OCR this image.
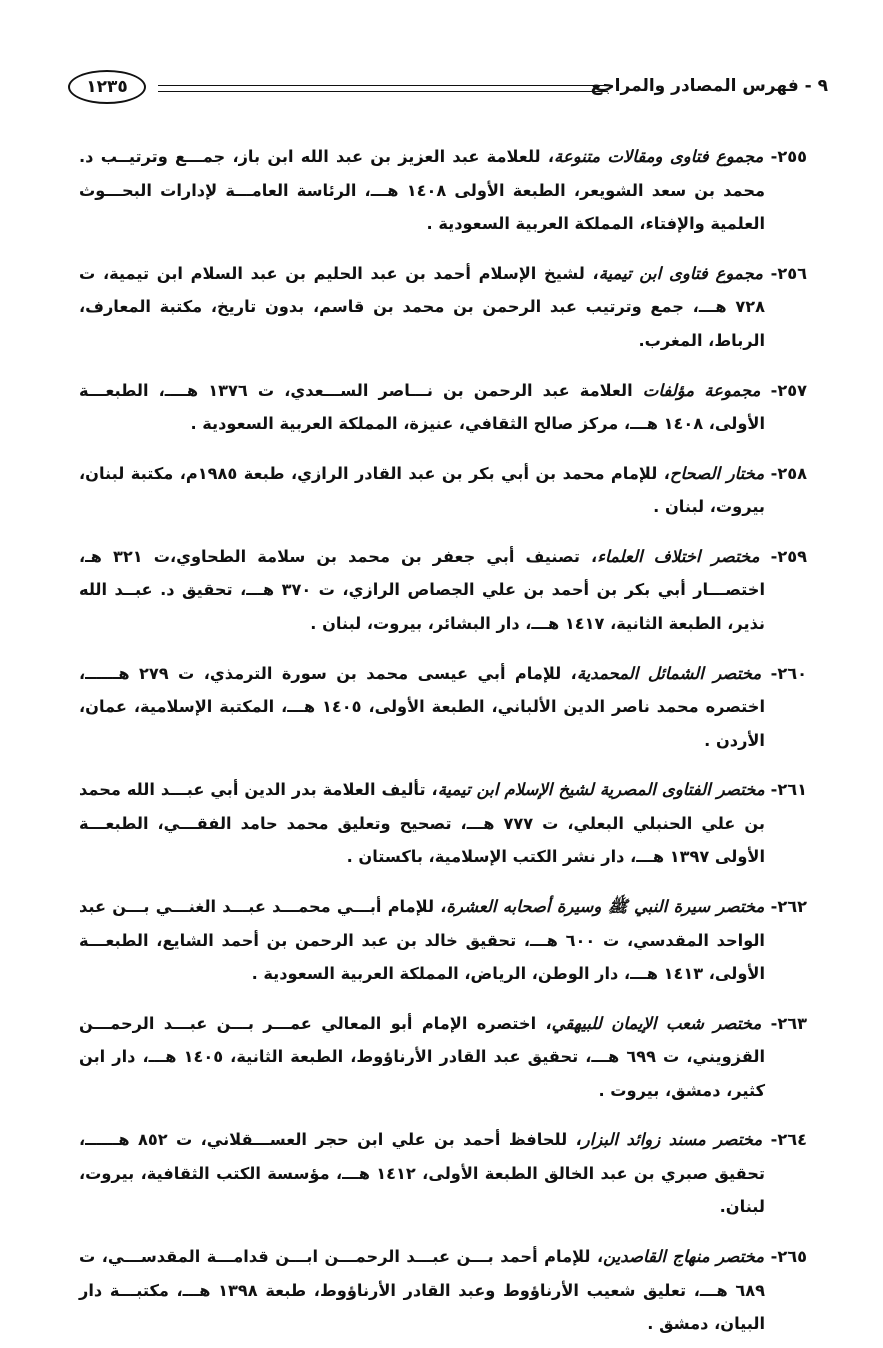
٩ - فهرس المصادر والمراجع
١٢٣٥

٢٥٥- مجموع فتاوى ومقالات متنوعة، للعلامة عبد العزيز بن عبد الله ابن باز، جمـــع وترتيــب د. محمد بن سعد الشويعر، الطبعة الأولى ١٤٠٨ هـــ، الرئاسة العامـــة لإدارات البحـــوث العلمية والإفتاء، المملكة العربية السعودية .

٢٥٦- مجموع فتاوى ابن تيمية، لشيخ الإسلام أحمد بن عبد الحليم بن عبد السلام ابن تيمية، ت ٧٢٨ هـــ، جمع وترتيب عبد الرحمن بن محمد بن قاسم، بدون تاريخ، مكتبة المعارف، الرباط، المغرب.

٢٥٧- مجموعة مؤلفات العلامة عبد الرحمن بن نـــاصر الســـعدي، ت ١٣٧٦ هــــ، الطبعـــة الأولى، ١٤٠٨ هـــ، مركز صالح الثقافي، عنيزة، المملكة العربية السعودية .

٢٥٨- مختار الصحاح، للإمام محمد بن أبي بكر بن عبد القادر الرازي، طبعة ١٩٨٥م، مكتبة لبنان، بيروت، لبنان .

٢٥٩- مختصر اختلاف العلماء، تصنيف أبي جعفر بن محمد بن سلامة الطحاوي،ت ٣٢١ هـ، اختصـــار أبي بكر بن أحمد بن علي الجصاص الرازي، ت ٣٧٠ هـــ، تحقيق د. عبــد الله نذير، الطبعة الثانية، ١٤١٧ هـــ، دار البشائر، بيروت، لبنان .

٢٦٠- مختصر الشمائل المحمدية، للإمام أبي عيسى محمد بن سورة الترمذي، ت ٢٧٩ هــــــ، اختصره محمد ناصر الدين الألباني، الطبعة الأولى، ١٤٠٥ هـــ، المكتبة الإسلامية، عمان، الأردن .

٢٦١- مختصر الفتاوى المصرية لشيخ الإسلام ابن تيمية، تأليف العلامة بدر الدين أبي عبـــد الله محمد بن علي الحنبلي البعلي، ت ٧٧٧ هـــ، تصحيح وتعليق محمد حامد الفقـــي، الطبعـــة الأولى ١٣٩٧ هـــ، دار نشر الكتب الإسلامية، باكستان .

٢٦٢- مختصر سيرة النبي ﷺ وسيرة أصحابه العشرة، للإمام أبـــي محمـــد عبـــد الغنـــي بـــن عبد الواحد المقدسي، ت ٦٠٠ هـــ، تحقيق خالد بن عبد الرحمن بن أحمد الشايع، الطبعـــة الأولى، ١٤١٣ هـــ، دار الوطن، الرياض، المملكة العربية السعودية .

٢٦٣- مختصر شعب الإيمان للبيهقي، اختصره الإمام أبو المعالي عمـــر بـــن عبـــد الرحمـــن القزويني، ت ٦٩٩ هـــ، تحقيق عبد القادر الأرناؤوط، الطبعة الثانية، ١٤٠٥ هـــ، دار ابن كثير، دمشق، بيروت .

٢٦٤- مختصر مسند زوائد البزار، للحافظ أحمد بن علي ابن حجر العســـقلاني، ت ٨٥٢ هــــــ، تحقيق صبري بن عبد الخالق الطبعة الأولى، ١٤١٢ هـــ، مؤسسة الكتب الثقافية، بيروت، لبنان.

٢٦٥- مختصر منهاج القاصدين، للإمام أحمد بـــن عبـــد الرحمـــن ابـــن قدامـــة المقدســـي، ت ٦٨٩ هـــ، تعليق شعيب الأرناؤوط وعبد القادر الأرناؤوط، طبعة ١٣٩٨ هـــ، مكتبـــة دار البيان، دمشق .
